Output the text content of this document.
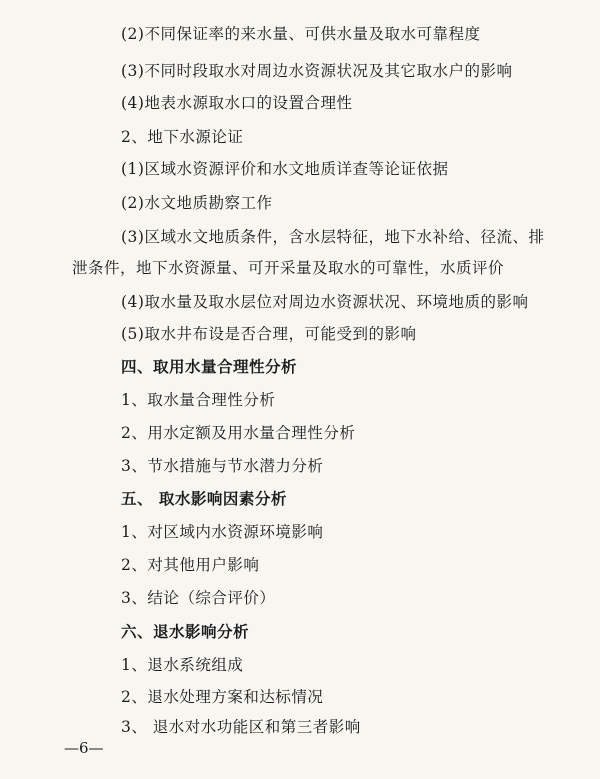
(2)不同保证率的来水量、可供水量及取水可靠程度
(3)不同时段取水对周边水资源状况及其它取水户的影响
(4)地表水源取水口的设置合理性
2、地下水源论证
(1)区域水资源评价和水文地质详查等论证依据
(2)水文地质勘察工作
(3)区域水文地质条件，含水层特征，地下水补给、径流、排
泄条件，地下水资源量、可开采量及取水的可靠性，水质评价
(4)取水量及取水层位对周边水资源状况、环境地质的影响
(5)取水井布设是否合理，可能受到的影响
四、取用水量合理性分析
1、取水量合理性分析
2、用水定额及用水量合理性分析
3、节水措施与节水潜力分析
五、 取水影响因素分析
1、对区域内水资源环境影响
2、对其他用户影响
3、结论（综合评价）
六、退水影响分析
1、退水系统组成
2、退水处理方案和达标情况
3、 退水对水功能区和第三者影响
—6—
